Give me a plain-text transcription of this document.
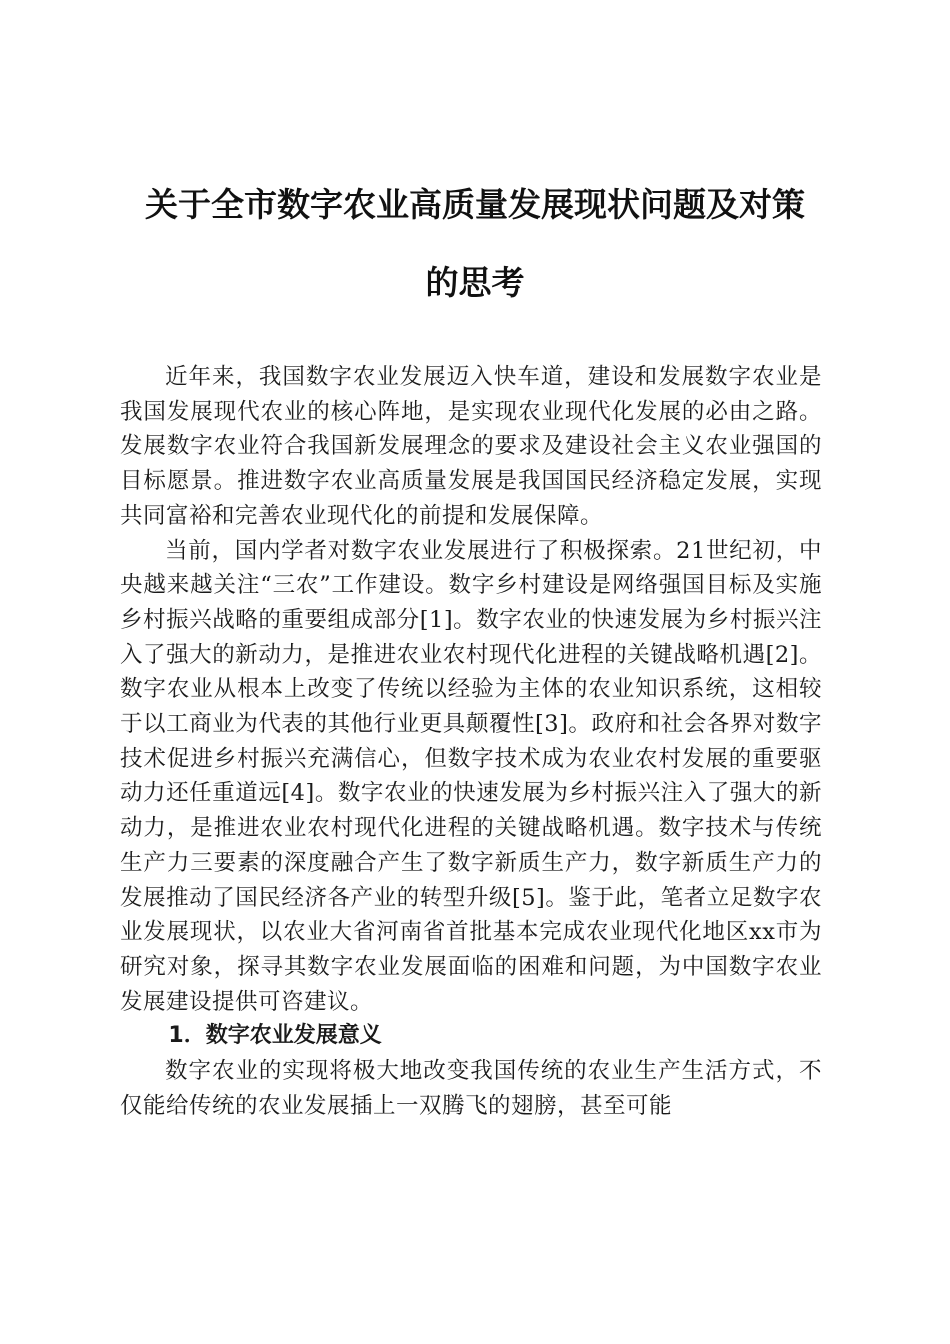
关于全市数字农业高质量发展现状问题及对策
的思考

近年来，我国数字农业发展迈入快车道，建设和发展数字农业是我国发展现代农业的核心阵地，是实现农业现代化发展的必由之路。发展数字农业符合我国新发展理念的要求及建设社会主义农业强国的目标愿景。推进数字农业高质量发展是我国国民经济稳定发展，实现共同富裕和完善农业现代化的前提和发展保障。

当前，国内学者对数字农业发展进行了积极探索。21世纪初，中央越来越关注“三农”工作建设。数字乡村建设是网络强国目标及实施乡村振兴战略的重要组成部分[1]。数字农业的快速发展为乡村振兴注入了强大的新动力，是推进农业农村现代化进程的关键战略机遇[2]。数字农业从根本上改变了传统以经验为主体的农业知识系统，这相较于以工商业为代表的其他行业更具颠覆性[3]。政府和社会各界对数字技术促进乡村振兴充满信心，但数字技术成为农业农村发展的重要驱动力还任重道远[4]。数字农业的快速发展为乡村振兴注入了强大的新动力，是推进农业农村现代化进程的关键战略机遇。数字技术与传统生产力三要素的深度融合产生了数字新质生产力，数字新质生产力的发展推动了国民经济各产业的转型升级[5]。鉴于此，笔者立足数字农业发展现状，以农业大省河南省首批基本完成农业现代化地区xx市为研究对象，探寻其数字农业发展面临的困难和问题，为中国数字农业发展建设提供可咨建议。

1．数字农业发展意义

数字农业的实现将极大地改变我国传统的农业生产生活方式，不仅能给传统的农业发展插上一双腾飞的翅膀，甚至可能
